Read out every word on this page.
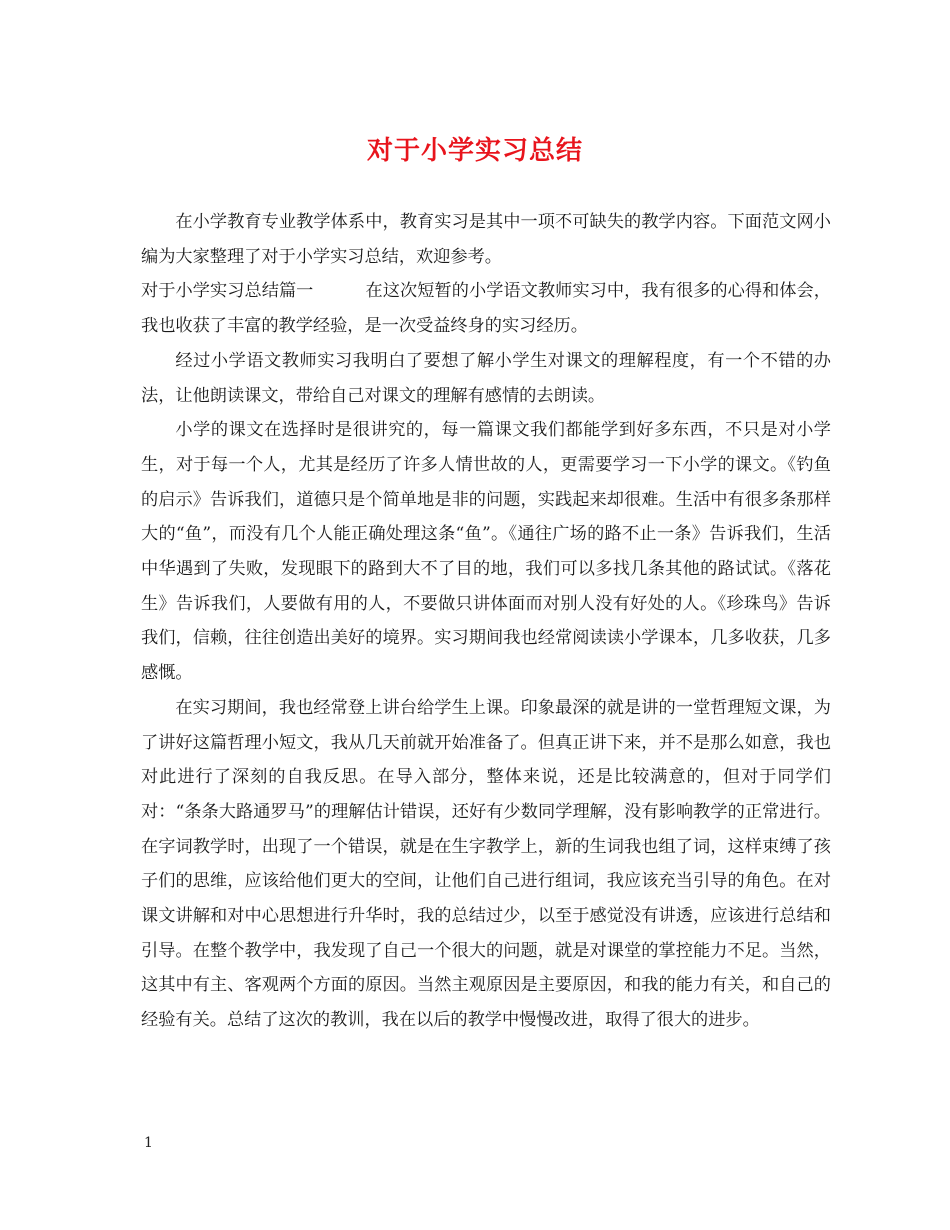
对于小学实习总结

在小学教育专业教学体系中，教育实习是其中一项不可缺失的教学内容。下面范文网小编为大家整理了对于小学实习总结，欢迎参考。

对于小学实习总结篇一	在这次短暂的小学语文教师实习中，我有很多的心得和体会，我也收获了丰富的教学经验，是一次受益终身的实习经历。

经过小学语文教师实习我明白了要想了解小学生对课文的理解程度，有一个不错的办法，让他朗读课文，带给自己对课文的理解有感情的去朗读。

小学的课文在选择时是很讲究的，每一篇课文我们都能学到好多东西，不只是对小学生，对于每一个人，尤其是经历了许多人情世故的人，更需要学习一下小学的课文。《钓鱼的启示》告诉我们，道德只是个简单地是非的问题，实践起来却很难。生活中有很多条那样大的“鱼”，而没有几个人能正确处理这条“鱼”。《通往广场的路不止一条》告诉我们，生活中华遇到了失败，发现眼下的路到大不了目的地，我们可以多找几条其他的路试试。《落花生》告诉我们，人要做有用的人，不要做只讲体面而对别人没有好处的人。《珍珠鸟》告诉我们，信赖，往往创造出美好的境界。实习期间我也经常阅读读小学课本，几多收获，几多感慨。

在实习期间，我也经常登上讲台给学生上课。印象最深的就是讲的一堂哲理短文课，为了讲好这篇哲理小短文，我从几天前就开始准备了。但真正讲下来，并不是那么如意，我也对此进行了深刻的自我反思。在导入部分，整体来说，还是比较满意的，但对于同学们对：“条条大路通罗马”的理解估计错误，还好有少数同学理解，没有影响教学的正常进行。在字词教学时，出现了一个错误，就是在生字教学上，新的生词我也组了词，这样束缚了孩子们的思维，应该给他们更大的空间，让他们自己进行组词，我应该充当引导的角色。在对课文讲解和对中心思想进行升华时，我的总结过少，以至于感觉没有讲透，应该进行总结和引导。在整个教学中，我发现了自己一个很大的问题，就是对课堂的掌控能力不足。当然，这其中有主、客观两个方面的原因。当然主观原因是主要原因，和我的能力有关，和自己的经验有关。总结了这次的教训，我在以后的教学中慢慢改进，取得了很大的进步。

1
